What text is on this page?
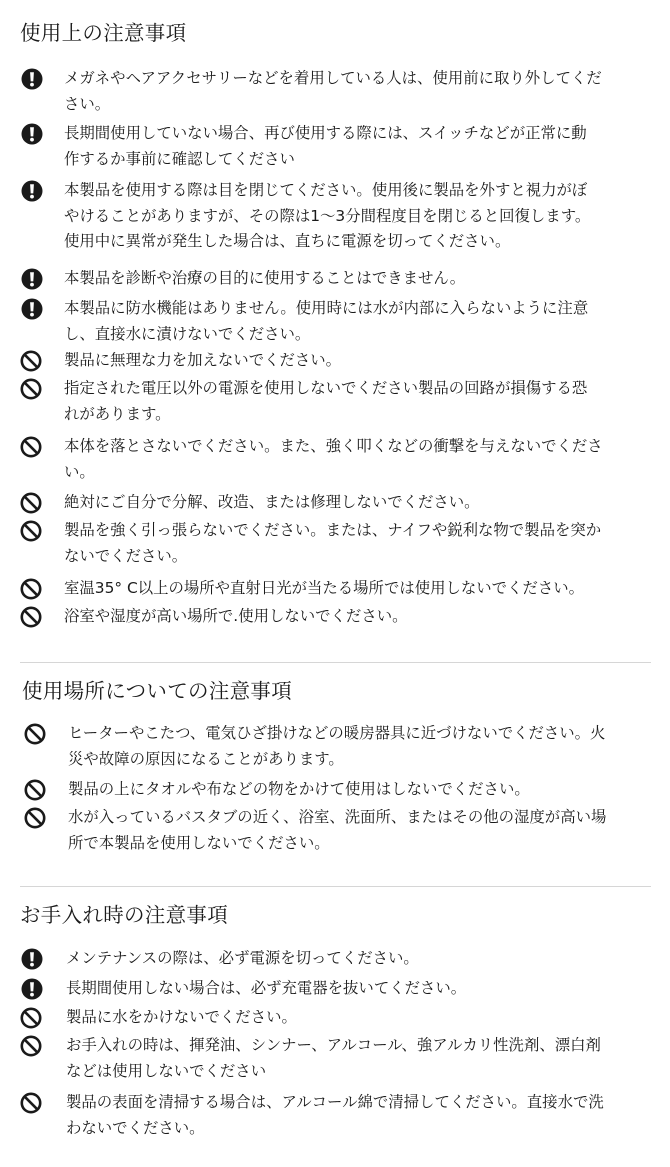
使用上の注意事項

メガネやヘアアクセサリーなどを着用している人は、使用前に取り外してくだ
さい。

長期間使用していない場合、再び使用する際には、スイッチなどが正常に動
作するか事前に確認してください

本製品を使用する際は目を閉じてください。使用後に製品を外すと視力がぼ
やけることがありますが、その際は1〜3分間程度目を閉じると回復します。
使用中に異常が発生した場合は、直ちに電源を切ってください。

本製品を診断や治療の目的に使用することはできません。

本製品に防水機能はありません。使用時には水が内部に入らないように注意
し、直接水に漬けないでください。

製品に無理な力を加えないでください。

指定された電圧以外の電源を使用しないでください製品の回路が損傷する恐
れがあります。

本体を落とさないでください。また、強く叩くなどの衝撃を与えないでくださ
い。

絶対にご自分で分解、改造、または修理しないでください。

製品を強く引っ張らないでください。または、ナイフや鋭利な物で製品を突か
ないでください。

室温35° C以上の場所や直射日光が当たる場所では使用しないでください。

浴室や湿度が高い場所で.使用しないでください。

使用場所についての注意事項

ヒーターやこたつ、電気ひざ掛けなどの暖房器具に近づけないでください。火
災や故障の原因になることがあります。

製品の上にタオルや布などの物をかけて使用はしないでください。

水が入っているバスタブの近く、浴室、洗面所、またはその他の湿度が高い場
所で本製品を使用しないでください。

お手入れ時の注意事項

メンテナンスの際は、必ず電源を切ってください。

長期間使用しない場合は、必ず充電器を抜いてください。

製品に水をかけないでください。

お手入れの時は、揮発油、シンナー、アルコール、強アルカリ性洗剤、漂白剤
などは使用しないでください

製品の表面を清掃する場合は、アルコール綿で清掃してください。直接水で洗
わないでください。
